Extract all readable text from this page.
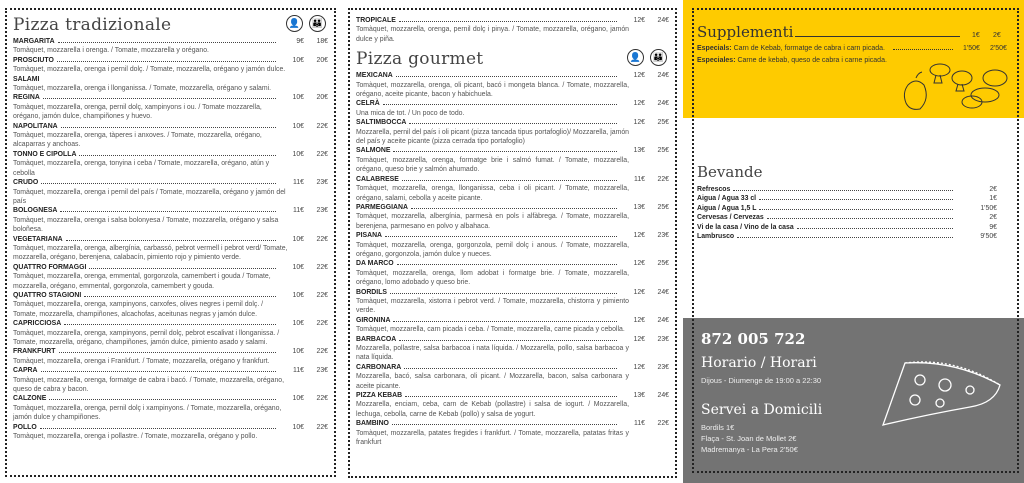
Pizza tradizionale	👤	👪
MARGARITA	9€	18€
Tomàquet, mozzarella i orenga. / Tomate, mozzarella y orégano.
PROSCIUTO	10€	20€
Tomàquet, mozzarella, orenga i pernil dolç. / Tomate, mozzarella, orégano y jamón dulce.
SALAMI
Tomàquet, mozzarella, orenga i llonganissa. / Tomate, mozzarella, orégano y salami.
REGINA	10€	20€
Tomàquet, mozzarella, orenga, pernil dolç, xampinyons i ou. / Tomate mozzarella, orégano, jamón dulce, champiñones y huevo.
NAPOLITANA	10€	22€
Tomàquet, mozzarella, orenga, tàperes i anxoves. / Tomate, mozzarella, orégano, alcaparras y anchoas.
TONNO E CIPOLLA	10€	22€
Tomàquet, mozzarella, orenga, tonyina i ceba / Tomate, mozzarella, orégano, atún y cebolla
CRUDO	11€	23€
Tomàquet, mozzarella, orenga i pernil del país / Tomate, mozzarella, orégano y jamón del país
BOLOGNESA	11€	23€
Tomàquet, mozzarella, orenga i salsa bolonyesa / Tomate, mozzarella, orégano y salsa boloñesa.
VEGETARIANA	10€	22€
Tomàquet, mozzarella, orenga, albergínia, carbassó, pebrot vermell i pebrot verd/ Tomate, mozzarella, orégano, berenjena, calabacín, pimiento rojo y pimiento verde.
QUATTRO FORMAGGI	10€	22€
Tomàquet, mozzarella, orenga, emmental, gorgonzola, camembert i gouda / Tomate, mozzarella, orégano, emmental, gorgonzola, camembert y gouda.
QUATTRO STAGIONI	10€	22€
Tomàquet, mozzarella, orenga, xampinyons, carxofes, olives negres i pernil dolç. / Tomate, mozzarella, champiñones, alcachofas, aceitunas negras y jamón dulce.
CAPRICCIOSA	10€	22€
Tomàquet, mozzarella, orenga, xampinyons, pernil dolç, pebrot escalivat i llonganissa. / Tomate, mozzarella, orégano, champiñones, jamón dulce, pimiento asado y salami.
FRANKFURT	10€	22€
Tomàquet, mozzarella, orenga i Frankfurt. / Tomate, mozzarella, orégano y frankfurt.
CAPRA	11€	23€
Tomàquet, mozzarella, orenga, formatge de cabra i bacó. / Tomate, mozzarella, orégano, queso de cabra y bacon.
CALZONE	10€	22€
Tomàquet, mozzarella, orenga, pernil dolç i xampinyons. / Tomate, mozzarella, orégano, jamón dulce y champiñones.
POLLO	10€	22€
Tomàquet, mozzarella, orenga i pollastre. / Tomate, mozzarella, orégano y pollo.
TROPICALE	12€	24€
Tomàquet, mozzarella, orenga, pernil dolç i pinya. / Tomate, mozzarella, orégano, jamón dulce y piña.
Pizza gourmet	👤	👪
MEXICANA	12€	24€
Tomàquet, mozzarella, orenga, oli picant, bacó i mongeta blanca. / Tomate, mozzarella, orégano, aceite picante, bacon y habichuela.
CELRÀ	12€	24€
Una mica de tot. / Un poco de todo.
SALTIMBOCCA	12€	25€
Mozzarella, pernil del país i oli picant (pizza tancada tipus portafoglio)/ Mozzarella, jamón del país y aceite picante (pizza cerrada tipo portafoglio)
SALMONE	13€	25€
Tomàquet, mozzarella, orenga, formatge brie i salmó fumat. / Tomate, mozzarella, orégano, queso brie y salmón ahumado.
CALABRESE	11€	22€
Tomàquet, mozzarella, orenga, llonganissa, ceba i oli picant. / Tomate, mozzarella, orégano, salami, cebolla y aceite picante.
PARMEGGIANA	13€	25€
Tomàquet, mozzarella, albergínia, parmesà en pols i alfàbrega. / Tomate, mozzarella, berenjena, parmesano en polvo y albahaca.
PISANA	12€	23€
Tomàquet, mozzarella, orenga, gorgonzola, pernil dolç i anous. / Tomate, mozzarella, orégano, gorgonzola, jamón dulce y nueces.
DA MARCO	12€	25€
Tomàquet, mozzarella, orenga, llom adobat i formatge brie. / Tomate, mozzarella, orégano, lomo adobado y queso brie.
BORDILS	12€	24€
Tomàquet, mozzarella, xistorra i pebrot verd. / Tomate, mozzarella, chistorra y pimiento verde.
GIRONINA	12€	24€
Tomàquet, mozzarella, carn picada i ceba. / Tomate, mozzarella, carne picada y cebolla.
BARBACOA	12€	23€
Mozzarella, pollastre, salsa barbacoa i nata líquida. / Mozzarella, pollo, salsa barbacoa y nata líquida.
CARBONARA	12€	23€
Mozzarella, bacó, salsa carbonara, oli picant. / Mozzarella, bacon, salsa carbonara y aceite picante.
PIZZA KEBAB	13€	24€
Mozzarella, enciam, ceba, carn de Kebab (pollastre) i salsa de iogurt. / Mozzarella, lechuga, cebolla, carne de Kebab (pollo) y salsa de yogurt.
BAMBINO	11€	22€
Tomàquet, mozzarella, patates fregides i frankfurt. / Tomate, mozzarella, patatas fritas y frankfurt
Supplementi	1€ 2€
Especials: Carn de Kebab, formatge de cabra i carn picada.	1'50€ 2'50€
Especiales: Carne de kebab, queso de cabra i carne picada.
Bevande
Refrescos	2€
Aigua / Agua 33 cl	1€
Aigua / Agua 1,5 L	1'50€
Cervesas / Cervezas	2€
Vi de la casa / Vino de la casa	9€
Lambrusco	9'50€
872 005 722
Horario / Horari
Dijous - Diumenge de 19:00 a 22:30
Servei a Domicili
Bordils 1€
Flaça - St. Joan de Mollet 2€
Madremanya - La Pera 2'50€
